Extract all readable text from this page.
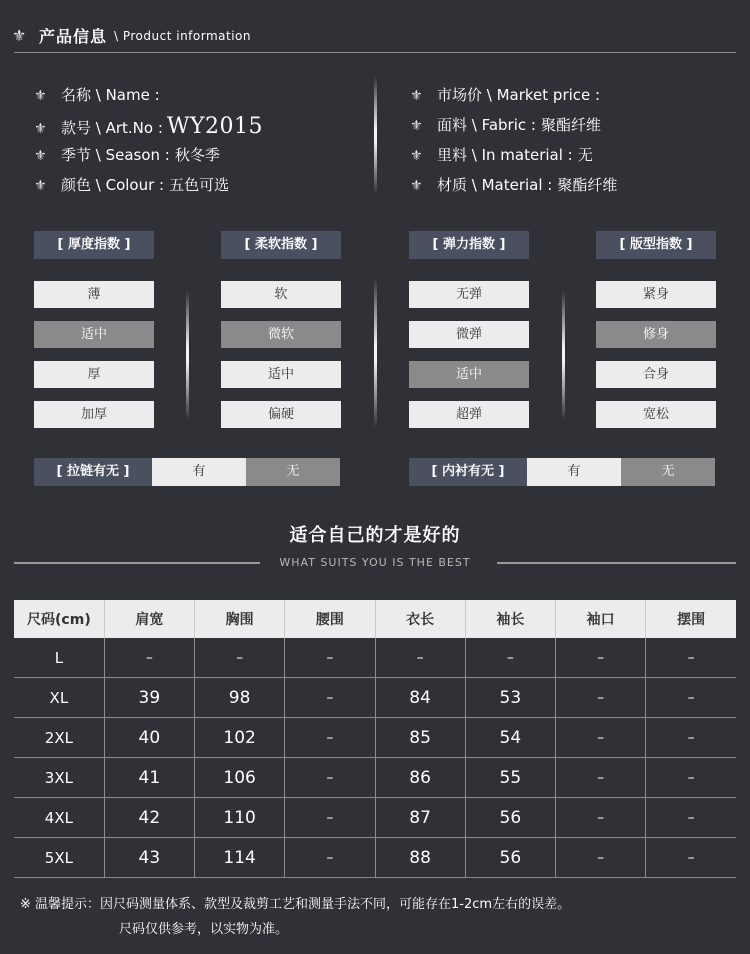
⚜ 产品信息 \ Product information
⚜ 名称 \ Name :
⚜ 款号 \ Art.No : WY2015
⚜ 季节 \ Season : 秋冬季
⚜ 颜色 \ Colour : 五色可选
⚜ 市场价 \ Market price :
⚜ 面料 \ Fabric : 聚酯纤维
⚜ 里料 \ In material : 无
⚜ 材质 \ Material : 聚酯纤维
[ 厚度指数 ]	[ 柔软指数 ]	[ 弹力指数 ]	[ 版型指数 ]
薄
适中
厚
加厚
软
微软
适中
偏硬
无弹
微弹
适中
超弹
紧身
修身
合身
宽松
[ 拉链有无 ]	有	无	[ 内衬有无 ]	有	无
适合自己的才是好的
WHAT SUITS YOU IS THE BEST
尺码(cm)	肩宽	胸围	腰围	衣长	袖长	袖口	摆围
L	–	–	–	–	–	–	–
XL	39	98	–	84	53	–	–
2XL	40	102	–	85	54	–	–
3XL	41	106	–	86	55	–	–
4XL	42	110	–	87	56	–	–
5XL	43	114	–	88	56	–	–
※ 温馨提示：因尺码测量体系、款型及裁剪工艺和测量手法不同，可能存在1-2cm左右的误差。
尺码仅供参考，以实物为准。
